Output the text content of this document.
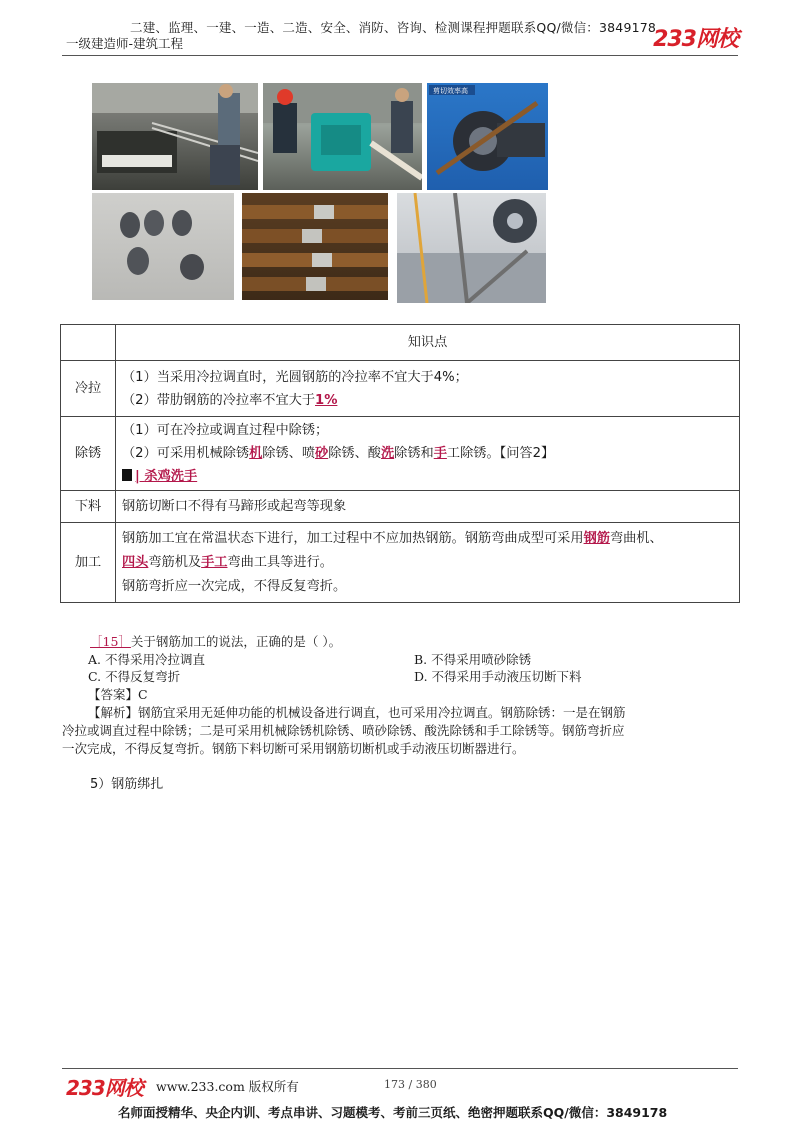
二建、监理、一建、一造、二造、安全、消防、咨询、检测课程押题联系QQ/微信：3849178
一级建造师-建筑工程	233网校
剪切效率高
	知识点
冷拉	（1）当采用冷拉调直时，光圆钢筋的冷拉率不宜大于4%；
（2）带肋钢筋的冷拉率不宜大于1%

除锈	（1）可在冷拉或调直过程中除锈；
（2）可采用机械除锈机除锈、喷砂除锈、酸洗除锈和手工除锈。【问答2】
| 杀鸡洗手

下料	钢筋切断口不得有马蹄形或起弯等现象
加工	钢筋加工宜在常温状态下进行，加工过程中不应加热钢筋。钢筋弯曲成型可采用钢筋弯曲机、
四头弯筋机及手工弯曲工具等进行。
钢筋弯折应一次完成，不得反复弯折。
［15］关于钢筋加工的说法，正确的是（ ）。
A. 不得采用冷拉调直	B. 不得采用喷砂除锈
C. 不得反复弯折	D. 不得采用手动液压切断下料
【答案】C
【解析】钢筋宜采用无延伸功能的机械设备进行调直，也可采用冷拉调直。钢筋除锈：一是在钢筋
冷拉或调直过程中除锈；二是可采用机械除锈机除锈、喷砂除锈、酸洗除锈和手工除锈等。钢筋弯折应
一次完成，不得反复弯折。钢筋下料切断可采用钢筋切断机或手动液压切断器进行。
5）钢筋绑扎
233网校 www.233.com 版权所有	173 / 380
名师面授精华、央企内训、考点串讲、习题模考、考前三页纸、绝密押题联系QQ/微信：3849178
